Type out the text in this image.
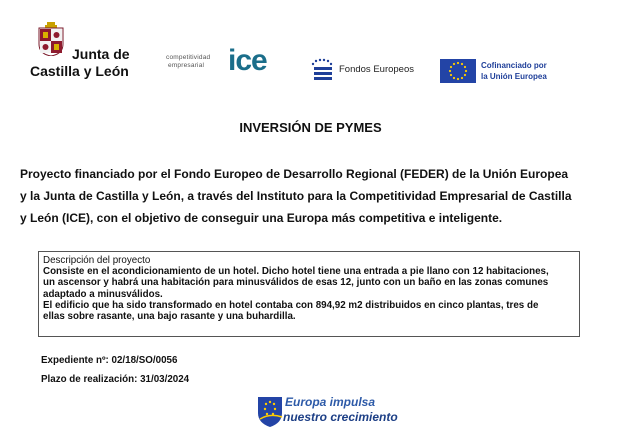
Junta de
Castilla y León
competitividad
empresarial ice	Fondos Europeos	Cofinanciado por
la Unión Europea
INVERSIÓN DE PYMES

Proyecto financiado por el Fondo Europeo de Desarrollo Regional (FEDER) de la Unión Europea
y la Junta de Castilla y León, a través del Instituto para la Competitividad Empresarial de Castilla
y León (ICE), con el objetivo de conseguir una Europa más competitiva e inteligente.

Descripción del proyecto
Consiste en el acondicionamiento de un hotel. Dicho hotel tiene una entrada a pie llano con 12 habitaciones,
un ascensor y habrá una habitación para minusválidos de esas 12, junto con un baño en las zonas comunes
adaptado a minusválidos.
El edificio que ha sido transformado en hotel contaba con 894,92 m2 distribuidos en cinco plantas, tres de
ellas sobre rasante, una bajo rasante y una buhardilla.
Expediente nº: 02/18/SO/0056
Plazo de realización: 31/03/2024
Europa impulsa
nuestro crecimiento
